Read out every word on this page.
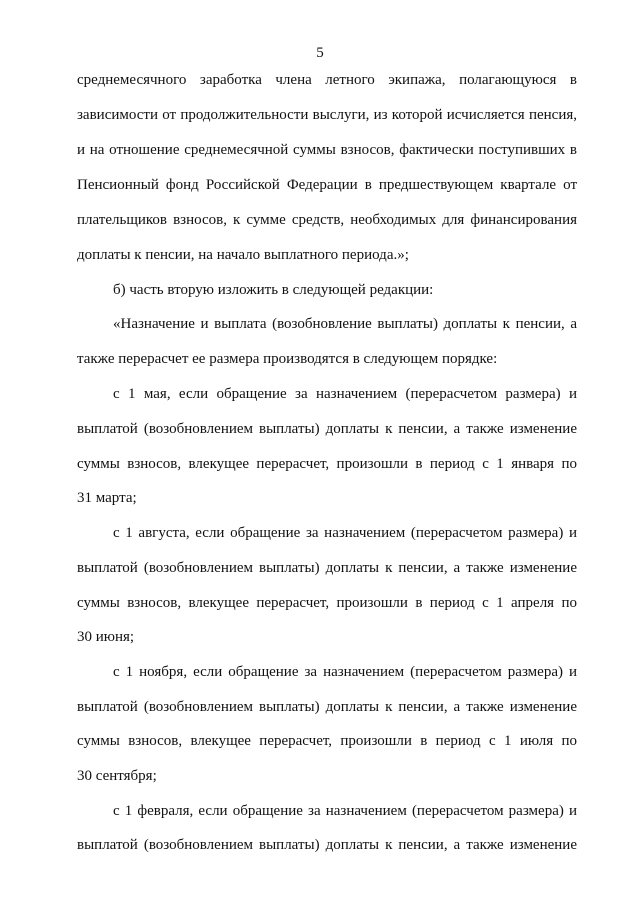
5
среднемесячного заработка члена летного экипажа, полагающуюся в
зависимости от продолжительности выслуги, из которой исчисляется пенсия,
и на отношение среднемесячной суммы взносов, фактически поступивших в
Пенсионный фонд Российской Федерации в предшествующем квартале от
плательщиков взносов, к сумме средств, необходимых для финансирования
доплаты к пенсии, на начало выплатного периода.»;
б) часть вторую изложить в следующей редакции:
«Назначение и выплата (возобновление выплаты) доплаты к пенсии, а
также перерасчет ее размера производятся в следующем порядке:
с 1 мая, если обращение за назначением (перерасчетом размера) и
выплатой (возобновлением выплаты) доплаты к пенсии, а также изменение
суммы взносов, влекущее перерасчет, произошли в период с 1 января по
31 марта;
с 1 августа, если обращение за назначением (перерасчетом размера) и
выплатой (возобновлением выплаты) доплаты к пенсии, а также изменение
суммы взносов, влекущее перерасчет, произошли в период с 1 апреля по
30 июня;
с 1 ноября, если обращение за назначением (перерасчетом размера) и
выплатой (возобновлением выплаты) доплаты к пенсии, а также изменение
суммы взносов, влекущее перерасчет, произошли в период с 1 июля по
30 сентября;
с 1 февраля, если обращение за назначением (перерасчетом размера) и
выплатой (возобновлением выплаты) доплаты к пенсии, а также изменение
